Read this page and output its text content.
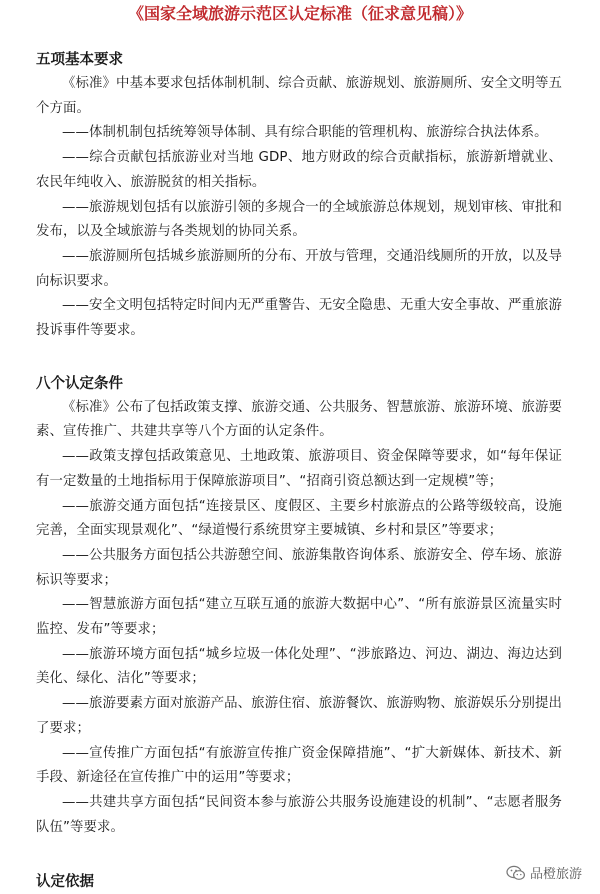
《国家全域旅游示范区认定标准（征求意见稿）》
五项基本要求

《标准》中基本要求包括体制机制、综合贡献、旅游规划、旅游厕所、安全文明等五个方面。

——体制机制包括统筹领导体制、具有综合职能的管理机构、旅游综合执法体系。

——综合贡献包括旅游业对当地 GDP、地方财政的综合贡献指标，旅游新增就业、农民年纯收入、旅游脱贫的相关指标。

——旅游规划包括有以旅游引领的多规合一的全域旅游总体规划，规划审核、审批和发布，以及全域旅游与各类规划的协同关系。

——旅游厕所包括城乡旅游厕所的分布、开放与管理，交通沿线厕所的开放，以及导向标识要求。

——安全文明包括特定时间内无严重警告、无安全隐患、无重大安全事故、严重旅游投诉事件等要求。

八个认定条件

《标准》公布了包括政策支撑、旅游交通、公共服务、智慧旅游、旅游环境、旅游要素、宣传推广、共建共享等八个方面的认定条件。

——政策支撑包括政策意见、土地政策、旅游项目、资金保障等要求，如“每年保证有一定数量的土地指标用于保障旅游项目”、“招商引资总额达到一定规模”等；

——旅游交通方面包括“连接景区、度假区、主要乡村旅游点的公路等级较高，设施完善，全面实现景观化”、“绿道慢行系统贯穿主要城镇、乡村和景区”等要求；

——公共服务方面包括公共游憩空间、旅游集散咨询体系、旅游安全、停车场、旅游标识等要求；

——智慧旅游方面包括“建立互联互通的旅游大数据中心”、“所有旅游景区流量实时监控、发布”等要求；

——旅游环境方面包括“城乡垃圾一体化处理”、“涉旅路边、河边、湖边、海边达到美化、绿化、洁化”等要求；

——旅游要素方面对旅游产品、旅游住宿、旅游餐饮、旅游购物、旅游娱乐分别提出了要求；

——宣传推广方面包括“有旅游宣传推广资金保障措施”、“扩大新媒体、新技术、新手段、新途径在宣传推广中的运用”等要求；

——共建共享方面包括“民间资本参与旅游公共服务设施建设的机制”、“志愿者服务队伍”等要求。

认定依据	品橙旅游
